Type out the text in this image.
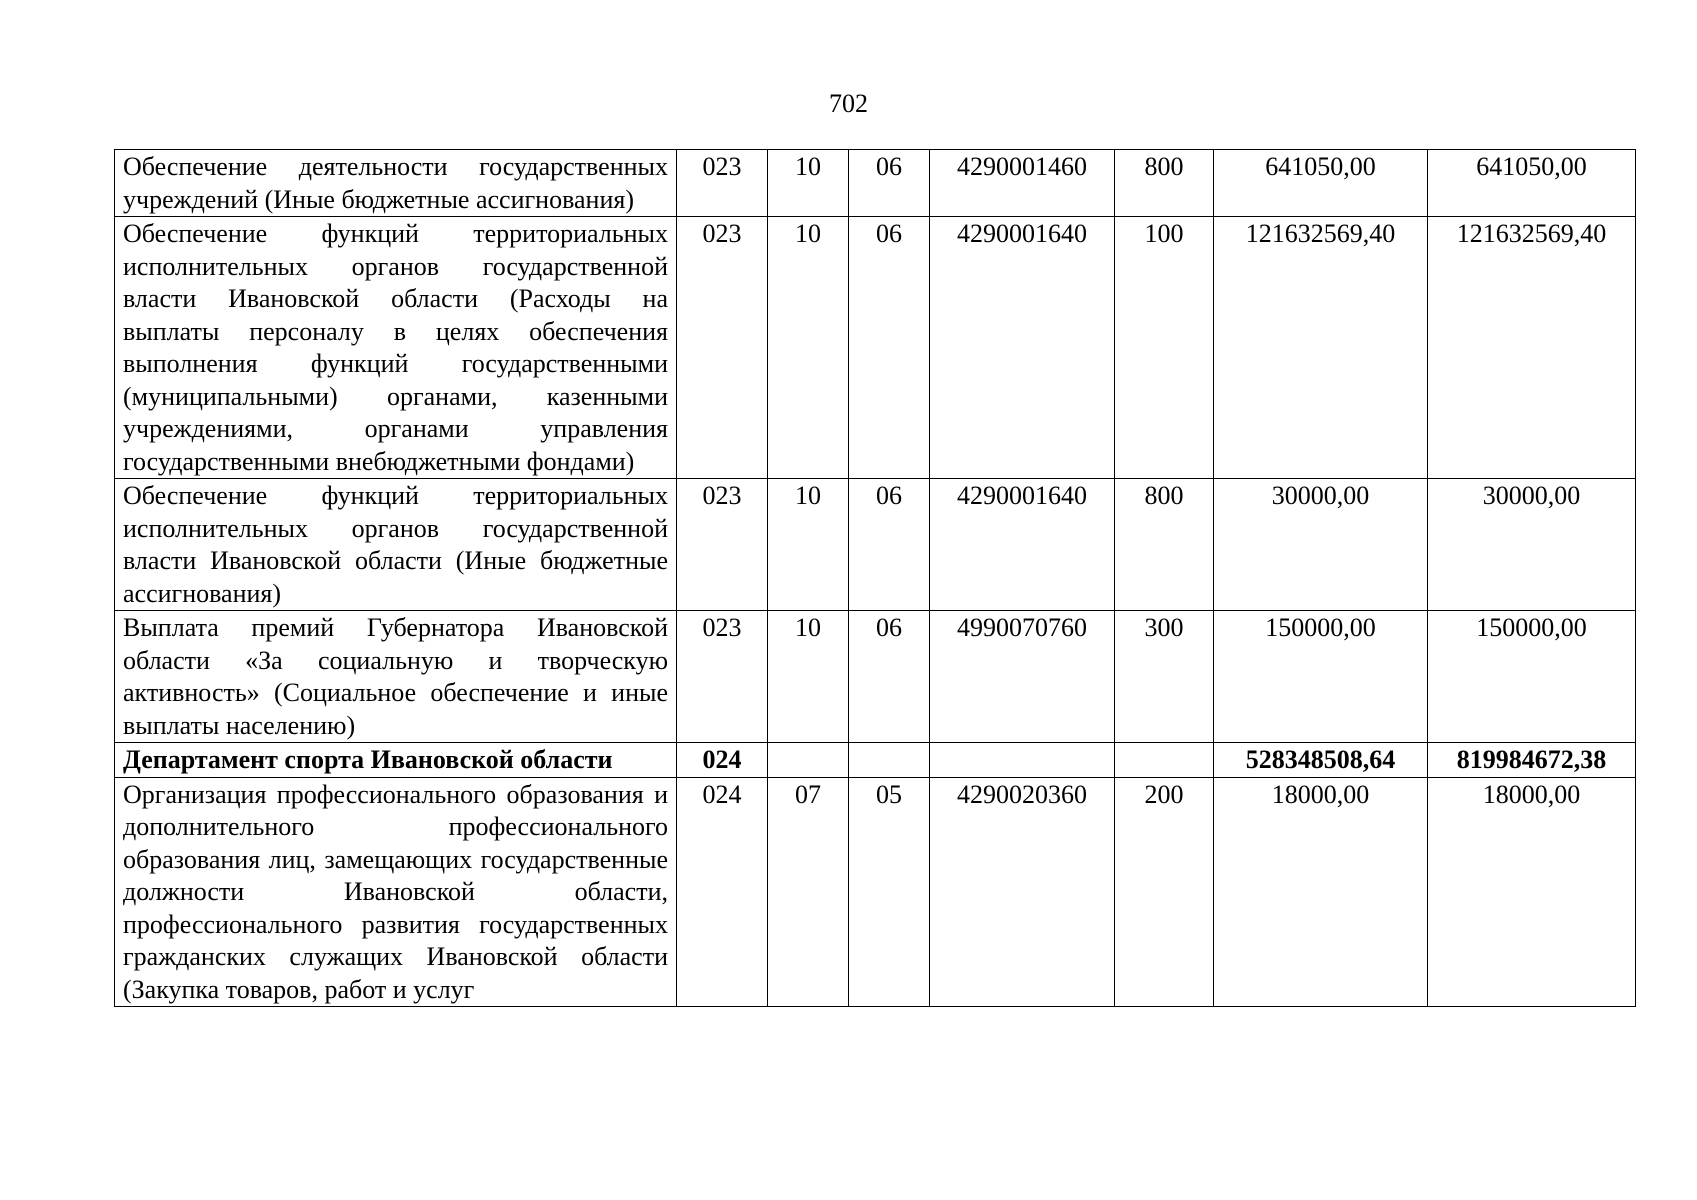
702
Обеспечение деятельности государственных учреждений (Иные бюджетные ассигнования)	023	10	06	4290001460	800	641050,00	641050,00
Обеспечение функций территориальных исполнительных органов государственной власти Ивановской области (Расходы на выплаты персоналу в целях обеспечения выполнения функций государственными (муниципальными) органами, казенными учреждениями, органами управления государственными внебюджетными фондами)	023	10	06	4290001640	100	121632569,40	121632569,40
Обеспечение функций территориальных исполнительных органов государственной власти Ивановской области (Иные бюджетные ассигнования)	023	10	06	4290001640	800	30000,00	30000,00
Выплата премий Губернатора Ивановской области «За социальную и творческую активность» (Социальное обеспечение и иные выплаты населению)	023	10	06	4990070760	300	150000,00	150000,00
Департамент спорта Ивановской области	024					528348508,64	819984672,38
Организация профессионального образования и дополнительного профессионального образования лиц, замещающих государственные должности Ивановской области, профессионального развития государственных гражданских служащих Ивановской области (Закупка товаров, работ и услуг	024	07	05	4290020360	200	18000,00	18000,00
